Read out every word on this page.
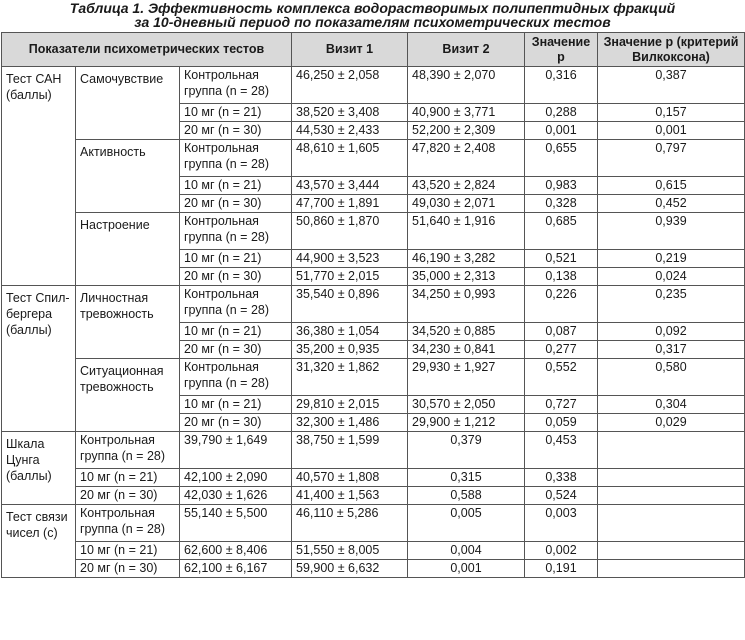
Таблица 1. Эффективность комплекса водорастворимых полипептидных фракций
за 10-дневный период по показателям психометрических тестов
Показатели психометрических тестов			Визит 1	Визит 2	Значение р	Значение р (критерий Вилкоксона)
Тест САН (баллы)	Самочувствие	Контрольная группа (n = 28)	46,250 ± 2,058	48,390 ± 2,070	0,316	0,387
		10 мг (n = 21)	38,520 ± 3,408	40,900 ± 3,771	0,288	0,157
		20 мг (n = 30)	44,530 ± 2,433	52,200 ± 2,309	0,001	0,001
	Активность	Контрольная группа (n = 28)	48,610 ± 1,605	47,820 ± 2,408	0,655	0,797
		10 мг (n = 21)	43,570 ± 3,444	43,520 ± 2,824	0,983	0,615
		20 мг (n = 30)	47,700 ± 1,891	49,030 ± 2,071	0,328	0,452
	Настроение	Контрольная группа (n = 28)	50,860 ± 1,870	51,640 ± 1,916	0,685	0,939
		10 мг (n = 21)	44,900 ± 3,523	46,190 ± 3,282	0,521	0,219
		20 мг (n = 30)	51,770 ± 2,015	35,000 ± 2,313	0,138	0,024
Тест Спил-бергера (баллы)	Личностная тревожность	Контрольная группа (n = 28)	35,540 ± 0,896	34,250 ± 0,993	0,226	0,235
		10 мг (n = 21)	36,380 ± 1,054	34,520 ± 0,885	0,087	0,092
		20 мг (n = 30)	35,200 ± 0,935	34,230 ± 0,841	0,277	0,317
	Ситуационная тревожность	Контрольная группа (n = 28)	31,320 ± 1,862	29,930 ± 1,927	0,552	0,580
		10 мг (n = 21)	29,810 ± 2,015	30,570 ± 2,050	0,727	0,304
		20 мг (n = 30)	32,300 ± 1,486	29,900 ± 1,212	0,059	0,029
Шкала Цунга (баллы)	Контрольная группа (n = 28)	39,790 ± 1,649	38,750 ± 1,599	0,379	0,453	
	10 мг (n = 21)	42,100 ± 2,090	40,570 ± 1,808	0,315	0,338	
	20 мг (n = 30)	42,030 ± 1,626	41,400 ± 1,563	0,588	0,524	
Тест связи чисел (с)	Контрольная группа (n = 28)	55,140 ± 5,500	46,110 ± 5,286	0,005	0,003	
	10 мг (n = 21)	62,600 ± 8,406	51,550 ± 8,005	0,004	0,002	
	20 мг (n = 30)	62,100 ± 6,167	59,900 ± 6,632	0,001	0,191	
